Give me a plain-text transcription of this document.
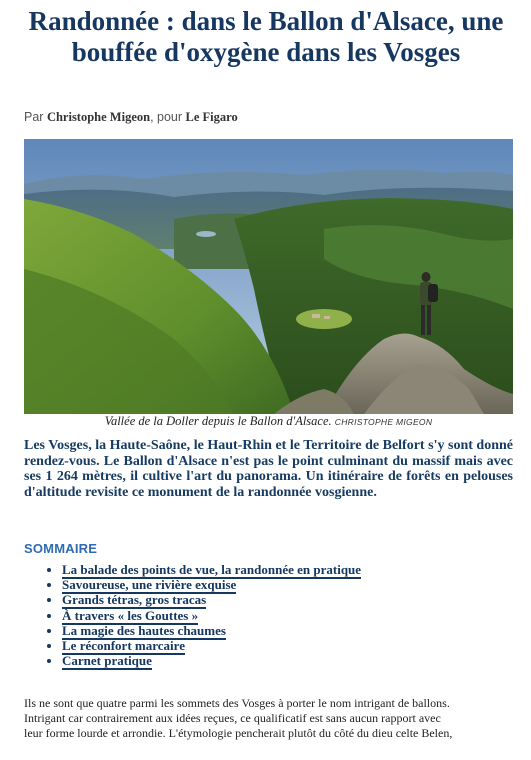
Randonnée : dans le Ballon d'Alsace, une bouffée d'oxygène dans les Vosges
Par Christophe Migeon, pour Le Figaro
Vallée de la Doller depuis le Ballon d'Alsace. CHRISTOPHE MIGEON

Les Vosges, la Haute-Saône, le Haut-Rhin et le Territoire de Belfort s'y sont donné rendez-vous. Le Ballon d'Alsace n'est pas le point culminant du massif mais avec ses 1 264 mètres, il cultive l'art du panorama. Un itinéraire de forêts en pelouses d'altitude revisite ce monument de la randonnée vosgienne.

SOMMAIRE
• La balade des points de vue, la randonnée en pratique
• Savoureuse, une rivière exquise
• Grands tétras, gros tracas
• À travers « les Gouttes »
• La magie des hautes chaumes
• Le réconfort marcaire
• Carnet pratique
Ils ne sont que quatre parmi les sommets des Vosges à porter le nom intrigant de ballons.
Intrigant car contrairement aux idées reçues, ce qualificatif est sans aucun rapport avec
leur forme lourde et arrondie. L'étymologie pencherait plutôt du côté du dieu celte Belen,
